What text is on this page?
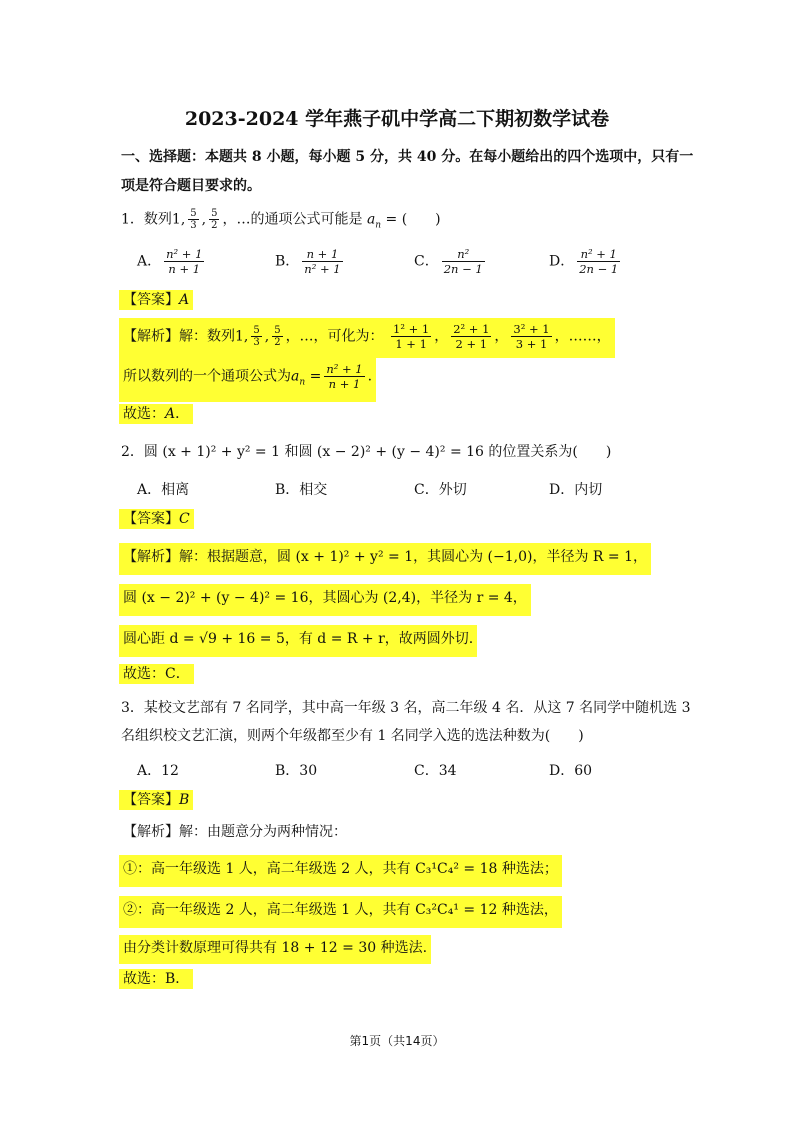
2023-2024 学年燕子矶中学高二下期初数学试卷
一、选择题：本题共 8 小题，每小题 5 分，共 40 分。在每小题给出的四个选项中，只有一
项是符合题目要求的。
1．数列1, $\frac{5}{3}$ , $\frac{5}{2}$ ，…的通项公式可能是 $a_n$ = (　　)
A． $\frac{\text{n² + 1}}{n + 1}$	B． $\frac{n + 1}{\text{n² + 1}}$	C． $\frac{\text{n²}}{2n - 1}$	D． $\frac{\text{n² + 1}}{2n - 1}$
【答案】A
【解析】解：数列1, $\frac{5}{3}$ , $\frac{5}{2}$ ，…，可化为： $\frac{\text{1² + 1}}{1 + 1}$ ， $\frac{\text{2² + 1}}{2 + 1}$ ， $\frac{\text{3² + 1}}{3 + 1}$ ，……，
所以数列的一个通项公式为$a_n = \frac{\text{n² + 1}}{n + 1}$ .
故选：A．
2．圆 (x + 1)² + y² = 1 和圆 (x − 2)² + (y − 4)² = 16 的位置关系为(　　)
A．相离	B．相交	C．外切	D．内切
【答案】C
【解析】解：根据题意，圆 (x + 1)² + y² = 1，其圆心为 (−1,0)，半径为 R = 1，
圆 (x − 2)² + (y − 4)² = 16，其圆心为 (2,4)，半径为 r = 4，
圆心距 d = √9 + 16 = 5，有 d = R + r，故两圆外切.
故选：C．
3．某校文艺部有 7 名同学，其中高一年级 3 名，高二年级 4 名．从这 7 名同学中随机选 3
名组织校文艺汇演，则两个年级都至少有 1 名同学入选的选法种数为(　　)
A．12	B．30	C．34	D．60
【答案】B
【解析】解：由题意分为两种情况：
①：高一年级选 1 人，高二年级选 2 人，共有 C₃¹C₄² = 18 种选法；
②：高一年级选 2 人，高二年级选 1 人，共有 C₃²C₄¹ = 12 种选法，
由分类计数原理可得共有 18 + 12 = 30 种选法.
故选：B．
第1页（共14页）
